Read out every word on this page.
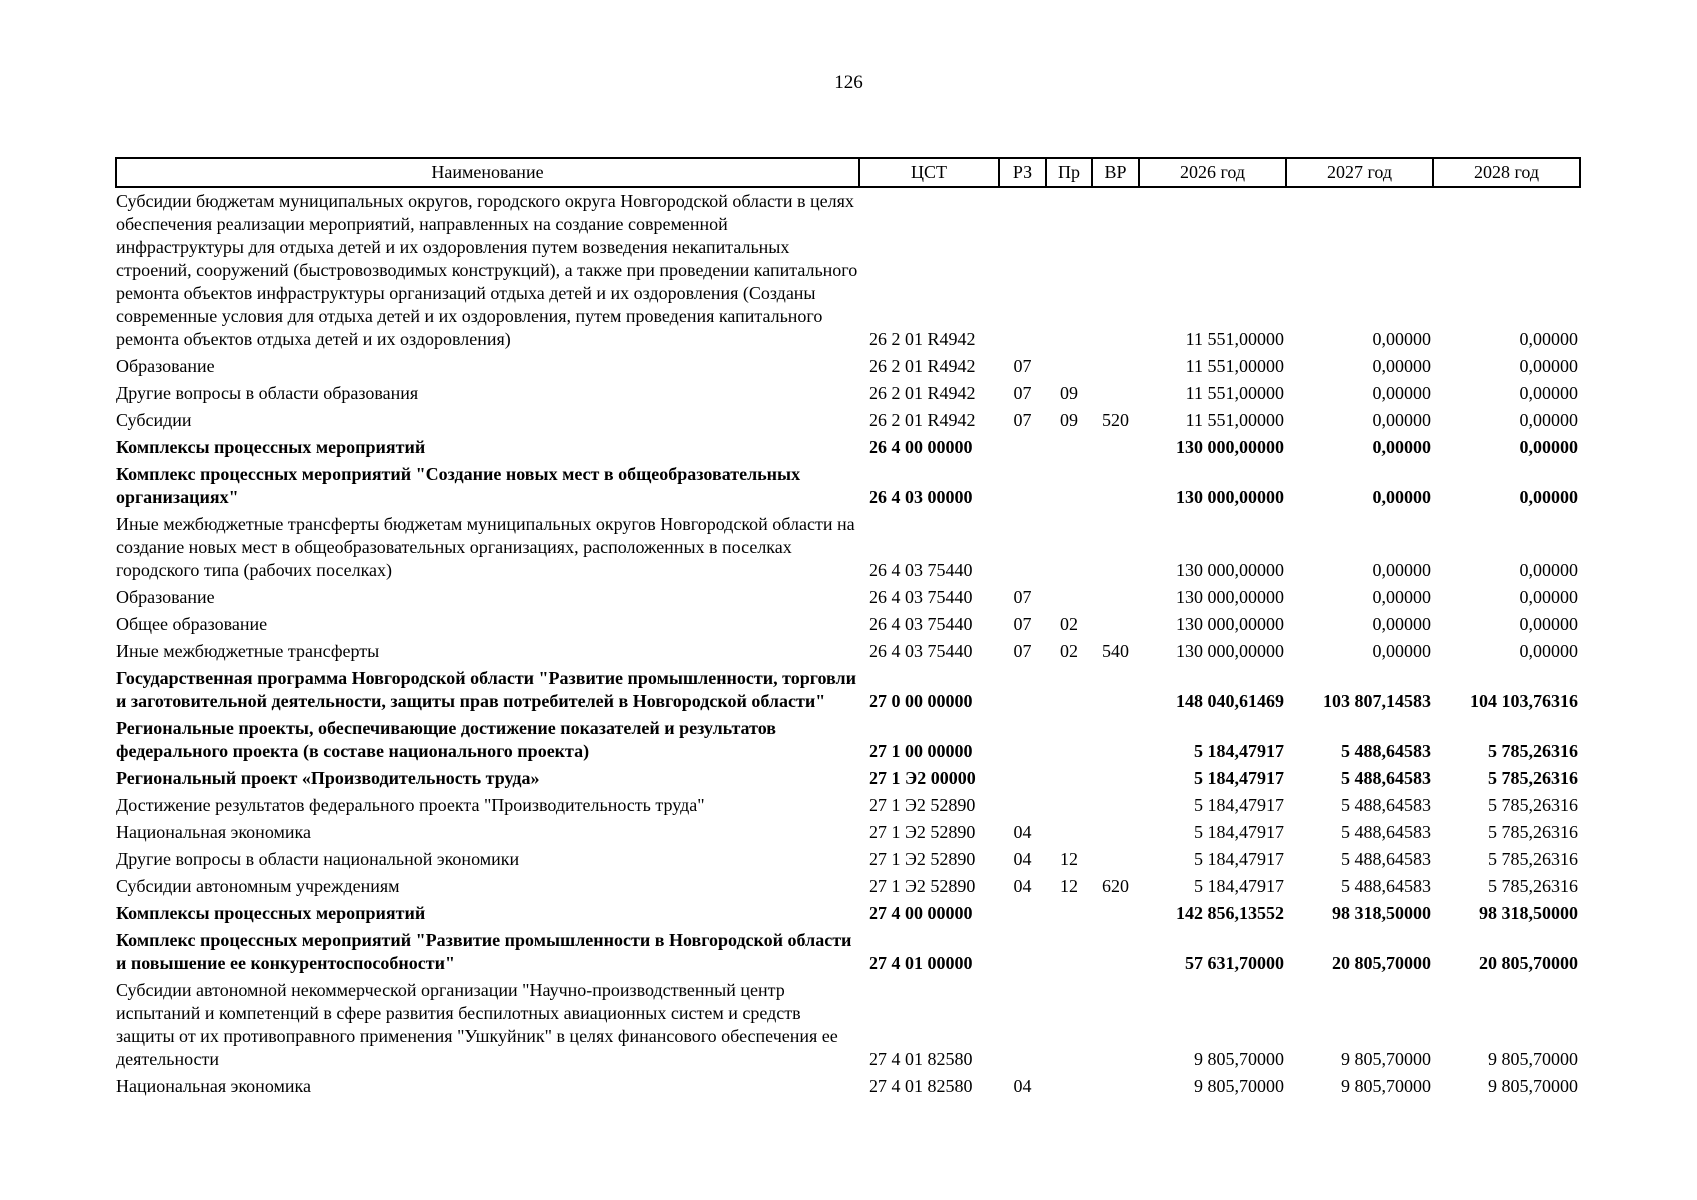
126
Наименование	ЦСТ	РЗ	Пр	ВР	2026 год	2027 год	2028 год
Субсидии бюджетам муниципальных округов, городского округа Новгородской области в целях обеспечения реализации мероприятий, направленных на создание современной инфраструктуры для отдыха детей и их оздоровления путем возведения некапитальных строений, сооружений (быстровозводимых конструкций), а также при проведении капитального ремонта объектов инфраструктуры организаций отдыха детей и их оздоровления (Созданы современные условия для отдыха детей и их оздоровления, путем проведения капитального ремонта объектов отдыха детей и их оздоровления)	26 2 01 R4942				11 551,00000	0,00000	0,00000
Образование	26 2 01 R4942	07			11 551,00000	0,00000	0,00000
Другие вопросы в области образования	26 2 01 R4942	07	09		11 551,00000	0,00000	0,00000
Субсидии	26 2 01 R4942	07	09	520	11 551,00000	0,00000	0,00000
Комплексы процессных мероприятий	26 4 00 00000				130 000,00000	0,00000	0,00000
Комплекс процессных мероприятий "Создание новых мест в общеобразовательных организациях"	26 4 03 00000				130 000,00000	0,00000	0,00000
Иные межбюджетные трансферты бюджетам муниципальных округов Новгородской области на создание новых мест в общеобразовательных организациях, расположенных в поселках городского типа (рабочих поселках)	26 4 03 75440				130 000,00000	0,00000	0,00000
Образование	26 4 03 75440	07			130 000,00000	0,00000	0,00000
Общее образование	26 4 03 75440	07	02		130 000,00000	0,00000	0,00000
Иные межбюджетные трансферты	26 4 03 75440	07	02	540	130 000,00000	0,00000	0,00000
Государственная программа Новгородской области "Развитие промышленности, торговли и заготовительной деятельности, защиты прав потребителей в Новгородской области"	27 0 00 00000				148 040,61469	103 807,14583	104 103,76316
Региональные проекты, обеспечивающие достижение показателей и результатов федерального проекта (в составе национального проекта)	27 1 00 00000				5 184,47917	5 488,64583	5 785,26316
Региональный проект «Производительность труда»	27 1 Э2 00000				5 184,47917	5 488,64583	5 785,26316
Достижение результатов федерального проекта "Производительность труда"	27 1 Э2 52890				5 184,47917	5 488,64583	5 785,26316
Национальная экономика	27 1 Э2 52890	04			5 184,47917	5 488,64583	5 785,26316
Другие вопросы в области национальной экономики	27 1 Э2 52890	04	12		5 184,47917	5 488,64583	5 785,26316
Субсидии автономным учреждениям	27 1 Э2 52890	04	12	620	5 184,47917	5 488,64583	5 785,26316
Комплексы процессных мероприятий	27 4 00 00000				142 856,13552	98 318,50000	98 318,50000
Комплекс процессных мероприятий "Развитие промышленности в Новгородской области и повышение ее конкурентоспособности"	27 4 01 00000				57 631,70000	20 805,70000	20 805,70000
Субсидии автономной некоммерческой организации "Научно-производственный центр испытаний и компетенций в сфере развития беспилотных авиационных систем и средств защиты от их противоправного применения "Ушкуйник" в целях финансового обеспечения ее деятельности	27 4 01 82580				9 805,70000	9 805,70000	9 805,70000
Национальная экономика	27 4 01 82580	04			9 805,70000	9 805,70000	9 805,70000
